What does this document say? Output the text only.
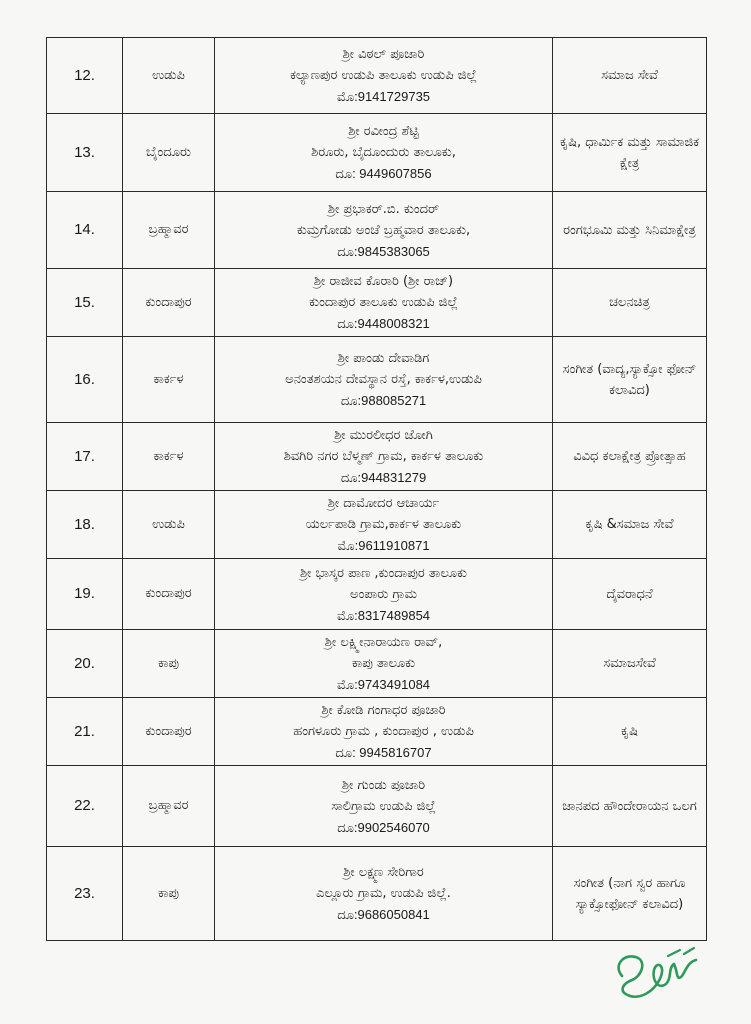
12.	ಉಡುಪಿ	ಶ್ರೀ ವಿಠಲ್ ಪೂಜಾರಿ
ಕಲ್ಯಾಣಪುರ ಉಡುಪಿ ತಾಲೂಕು ಉಡುಪಿ ಜಿಲ್ಲೆ
ಮೊ:9141729735	ಸಮಾಜ ಸೇವೆ

13.	ಬೈಂದೂರು	ಶ್ರೀ ರವೀಂದ್ರ ಶೆಟ್ಟಿ
ಶಿರೂರು, ಬೈದೂಂದುರು ತಾಲೂಕು,
ದೂ: 9449607856	ಕೃಷಿ, ಧಾರ್ಮಿಕ ಮತ್ತು ಸಾಮಾಜಿಕ ಕ್ಷೇತ್ರ

14.	ಬ್ರಹ್ಮಾವರ	ಶ್ರೀ ಪ್ರಭಾಕರ್.ಬಿ. ಕುಂದರ್
ಕುಮ್ರಗೋಡು ಅಂಚೆ ಬ್ರಹ್ಮವಾರ ತಾಲೂಕು,
ದೂ:9845383065	ರಂಗಭೂಮಿ ಮತ್ತು ಸಿನಿಮಾಕ್ಷೇತ್ರ

15.	ಕುಂದಾಪುರ	ಶ್ರೀ ರಾಜೀವ ಕೊರಾರಿ (ಶ್ರೀ ರಾಜ್)
ಕುಂದಾಪುರ ತಾಲೂಕು ಉಡುಪಿ ಜಿಲ್ಲೆ
ದೂ:9448008321	ಚಲನಚಿತ್ರ

16.	ಕಾರ್ಕಳ	ಶ್ರೀ ಪಾಂಡು ದೇವಾಡಿಗ
ಅನಂತಶಯನ ದೇವಸ್ಥಾನ ರಸ್ತೆ, ಕಾರ್ಕಳ,ಉಡುಪಿ
ದೂ:988085271	ಸಂಗೀತ (ವಾದ್ಯ,ಸ್ಯಾಕ್ಸೋ ಫೋನ್ ಕಲಾವಿದ)

17.	ಕಾರ್ಕಳ	ಶ್ರೀ ಮುರಲೀಧರ ಜೋಗಿ
ಶಿವಗಿರಿ ನಗರ ಬೆಳ್ಮಣ್ ಗ್ರಾಮ, ಕಾರ್ಕಳ ತಾಲೂಕು
ದೂ:944831279	ವಿವಿಧ ಕಲಾಕ್ಷೇತ್ರ ಪ್ರೋತ್ಸಾಹ

18.	ಉಡುಪಿ	ಶ್ರೀ ದಾಮೋದರ ಆಚಾರ್ಯ
ಯರ್ಲಪಾಡಿ ಗ್ರಾಮ,ಕಾರ್ಕಳ ತಾಲೂಕು
ಮೊ:9611910871	ಕೃಷಿ &ಸಮಾಜ ಸೇವೆ

19.	ಕುಂದಾಪುರ	ಶ್ರೀ ಭಾಸ್ಕರ ಪಾಣ ,ಕುಂದಾಪುರ ತಾಲೂಕು
ಅಂಪಾರು ಗ್ರಾಮ
ಮೊ:8317489854	ದೈವರಾಧನೆ

20.	ಕಾಪು	ಶ್ರೀ ಲಕ್ಷ್ಮೀನಾರಾಯಣ ರಾವ್,
ಕಾಪು ತಾಲೂಕು
ಮೊ:9743491084	ಸಮಾಜಸೇವೆ

21.	ಕುಂದಾಪುರ	ಶ್ರೀ ಕೋಡಿ ಗಂಗಾಧರ ಪೂಜಾರಿ
ಹಂಗಳೂರು ಗ್ರಾಮ , ಕುಂದಾಪುರ , ಉಡುಪಿ
ದೂ: 9945816707	ಕೃಷಿ

22.	ಬ್ರಹ್ಮಾವರ	ಶ್ರೀ ಗುಂಡು ಪೂಜಾರಿ
ಸಾಲಿಗ್ರಾಮ ಉಡುಪಿ ಜಿಲ್ಲೆ
ದೂ:9902546070	ಜಾನಪದ ಹೌಂದೇರಾಯನ ಒಲಗ

23.	ಕಾಪು	ಶ್ರೀ ಲಕ್ಷ್ಮಣ ಸೇರಿಗಾರ
ಎಲ್ಲೂರು ಗ್ರಾಮ, ಉಡುಪಿ ಜಿಲ್ಲೆ.
ದೂ:9686050841	ಸಂಗೀತ (ನಾಗ ಸ್ವರ ಹಾಗೂ ಸ್ಯಾಕ್ಸೋಫೋನ್ ಕಲಾವಿದ)
